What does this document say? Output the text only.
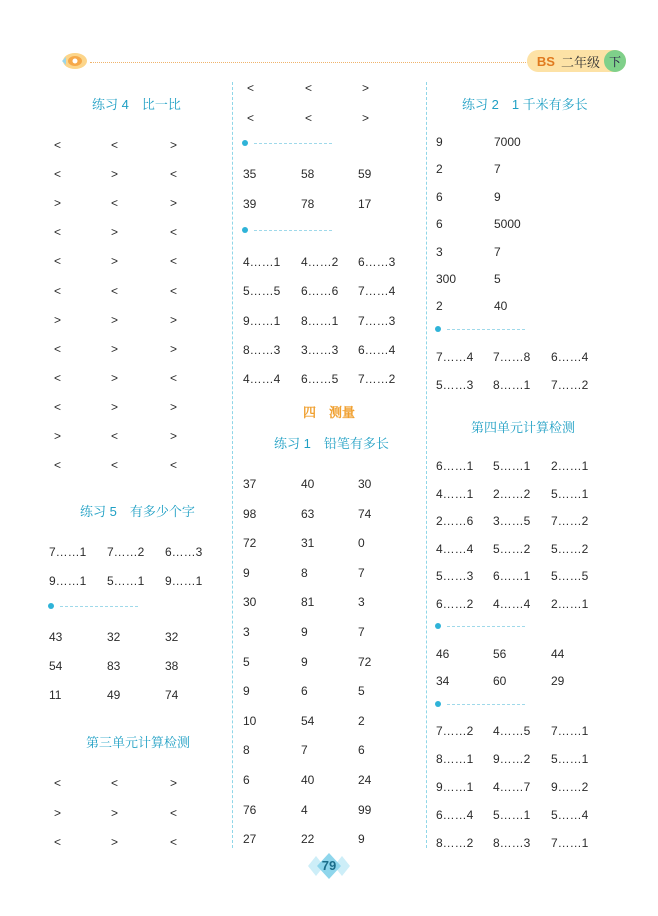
BS 二年级 下
练习 4　比一比
<	<	>
<	>	<
>	<	>
<	>	<
<	>	<
<	<	<
>	>	>
<	>	>
<	>	<
<	>	>
>	<	>
<	<	<
练习 5　有多少个字
7……1 7……2 6……3
9……1 5……1 9……1
43	32	32
54	83	38
11	49	74
第三单元计算检测
<	<	>
>	>	<
<	>	<
<	<	>
<	<	>
35	58	59
39	78	17
4……1 4……2 6……3
5……5 6……6 7……4
9……1 8……1 7……3
8……3 3……3 6……4
4……4 6……5 7……2
四　测量
练习 1　铅笔有多长
37	40	30
98	63	74
72	31	0
9	8	7
30	81	3
3	9	7
5	9	72
9	6	5
10	54	2
8	7	6
6	40	24
76	4	99
27	22	9
练习 2　1 千米有多长
9	7000
2	7
6	9
6	5000
3	7
300	5
2	40
7……4 7……8 6……4
5……3 8……1 7……2
第四单元计算检测
6……1 5……1 2……1
4……1 2……2 5……1
2……6 3……5 7……2
4……4 5……2 5……2
5……3 6……1 5……5
6……2 4……4 2……1
46	56	44
34	60	29
7……2 4……5 7……1
8……1 9……2 5……1
9……1 4……7 9……2
6……4 5……1 5……4
8……2 8……3 7……1
79
